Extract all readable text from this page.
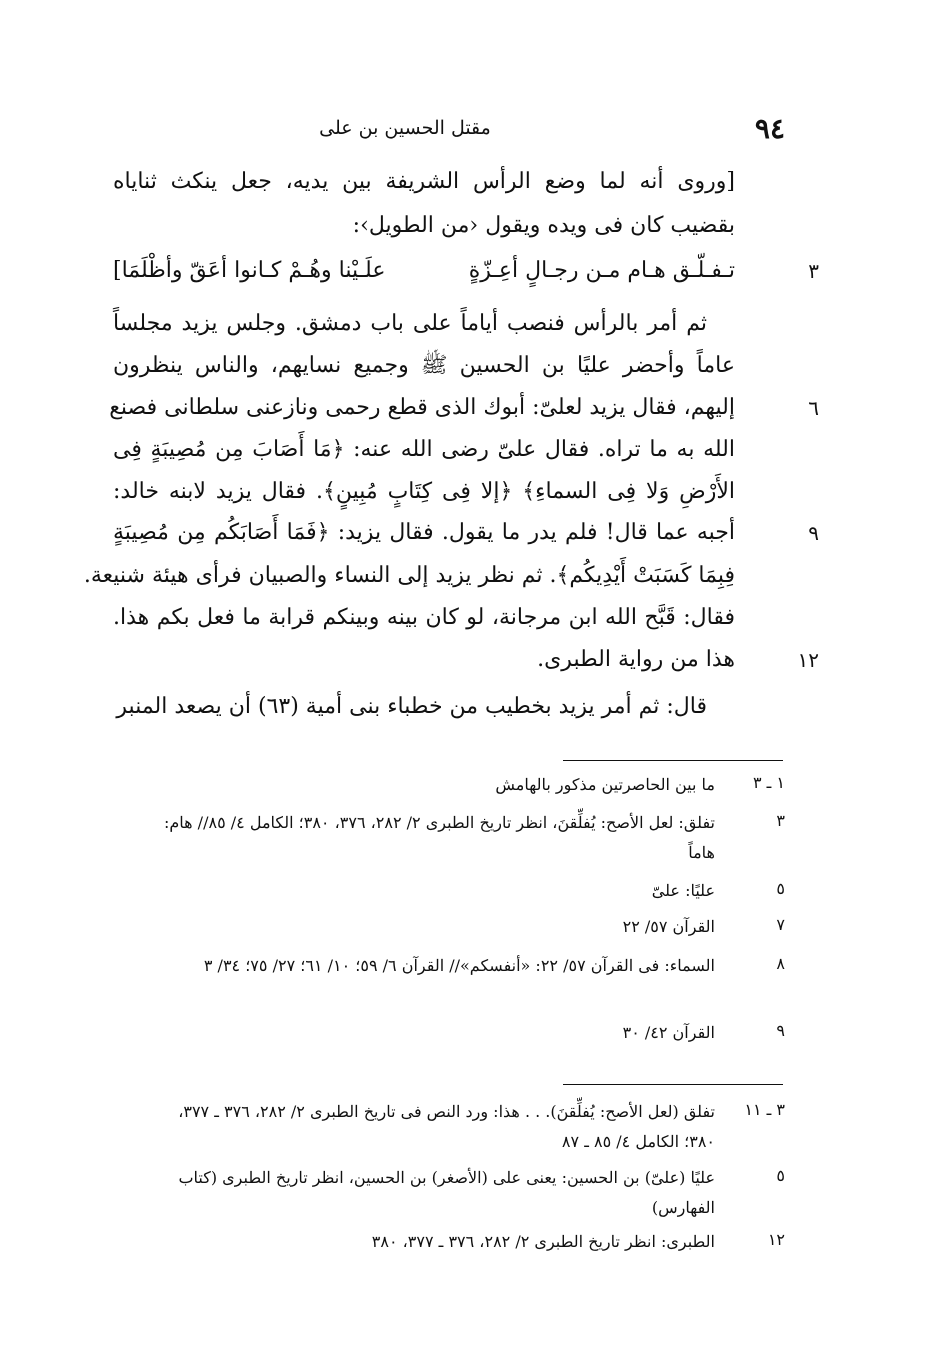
٩٤
مقتل الحسين بن على
[وروى أنه لما وضع الرأس الشريفة بين يديه، جعل ينكث ثناياه
بقضيب كان فى ويده ويقول ‹من الطويل›:
٣
تـفـلّـق هـام مـن رجـالٍ أعِـزّةٍ
علَـيْنا وهُـمْ كـانوا أعَقّ وأظْلَمَا]
ثم أمر بالرأس فنصب أياماً على باب دمشق. وجلس يزيد مجلساً
عاماً وأحضر عليًا بن الحسين ﷺ وجميع نسايهم، والناس ينظرون
٦
إليهم، فقال يزيد لعلىّ: أبوك الذى قطع رحمى ونازعنى سلطانى فصنع
الله به ما تراه. فقال علىّ رضى الله عنه: ﴿مَا أَصَابَ مِن مُصِيبَةٍ فِى
الأَرْضِ وَلا فِى السماءِ﴾ ﴿إلا فِى كِتَابٍ مُبِينٍ﴾. فقال يزيد لابنه خالد:
٩
أجبه عما قال! فلم يدر ما يقول. فقال يزيد: ﴿فَمَا أَصَابَكُم مِن مُصِيبَةٍ
فِبِمَا كَسَبَتْ أَيْدِيكُم﴾. ثم نظر يزيد إلى النساء والصبيان فرأى هيئة شنيعة.
فقال: قَبَّح الله ابن مرجانة، لو كان بينه وبينكم قرابة ما فعل بكم هذا.
١٢
هذا من رواية الطبرى.
قال: ثم أمر يزيد بخطيب من خطباء بنى أمية (٦٣) أن يصعد المنبر
١ ـ ٣
ما بين الحاصرتين مذكور بالهامش
٣
تفلق: لعل الأصح: يُفلِّقنَ، انظر تاريخ الطبرى ٢/ ٢٨٢، ٣٧٦، ٣٨٠؛ الكامل ٤/ ٨٥// هام: هاماً
٥
عليًا: علىّ
٧
القرآن ٥٧/ ٢٢
٨
السماء: فى القرآن ٥٧/ ٢٢: «أنفسكم»// القرآن ٦/ ٥٩؛ ١٠/ ٦١؛ ٢٧/ ٧٥؛ ٣٤/ ٣
٩
القرآن ٤٢/ ٣٠
٣ ـ ١١
تفلق (لعل الأصح: يُفلِّقنَ). . . هذا: ورد النص فى تاريخ الطبرى ٢/ ٢٨٢، ٣٧٦ ـ ٣٧٧، ٣٨٠؛ الكامل ٤/ ٨٥ ـ ٨٧
٥
عليًا (علىّ) بن الحسين: يعنى على (الأصغر) بن الحسين، انظر تاريخ الطبرى (كتاب الفهارس)
١٢
الطبرى: انظر تاريخ الطبرى ٢/ ٢٨٢، ٣٧٦ ـ ٣٧٧، ٣٨٠
